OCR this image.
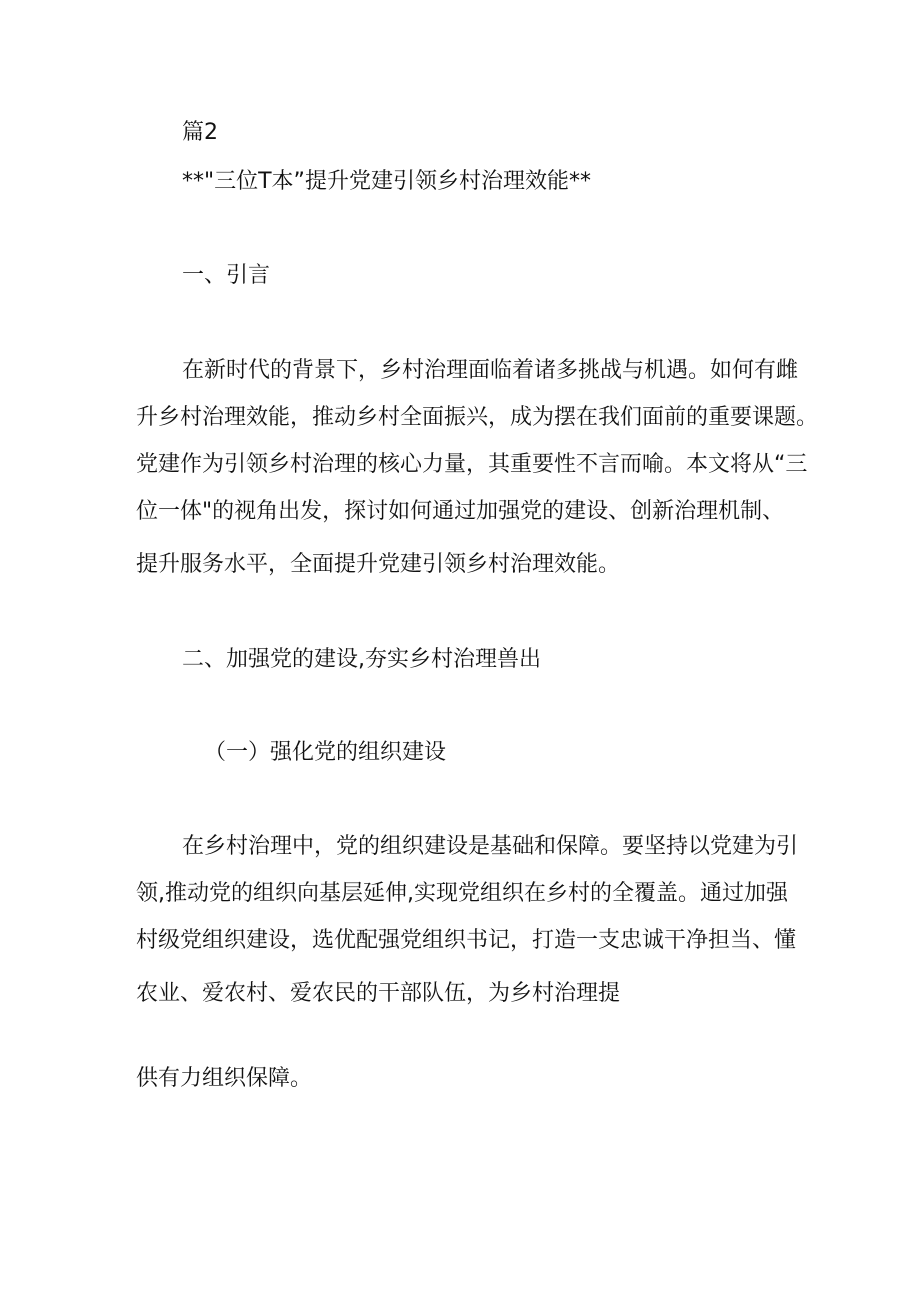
篇2

**"三位T本”提升党建引领乡村治理效能**

一、引言

在新时代的背景下，乡村治理面临着诸多挑战与机遇。如何有雌

升乡村治理效能，推动乡村全面振兴，成为摆在我们面前的重要课题。

党建作为引领乡村治理的核心力量，其重要性不言而喻。本文将从“三

位一体"的视角出发，探讨如何通过加强党的建设、创新治理机制、

提升服务水平，全面提升党建引领乡村治理效能。

二、加强党的建设,夯实乡村治理兽出

（一）强化党的组织建设

在乡村治理中，党的组织建设是基础和保障。要坚持以党建为引

领,推动党的组织向基层延伸,实现党组织在乡村的全覆盖。通过加强

村级党组织建设，选优配强党组织书记，打造一支忠诚干净担当、懂

农业、爱农村、爱农民的干部队伍，为乡村治理提

供有力组织保障。
